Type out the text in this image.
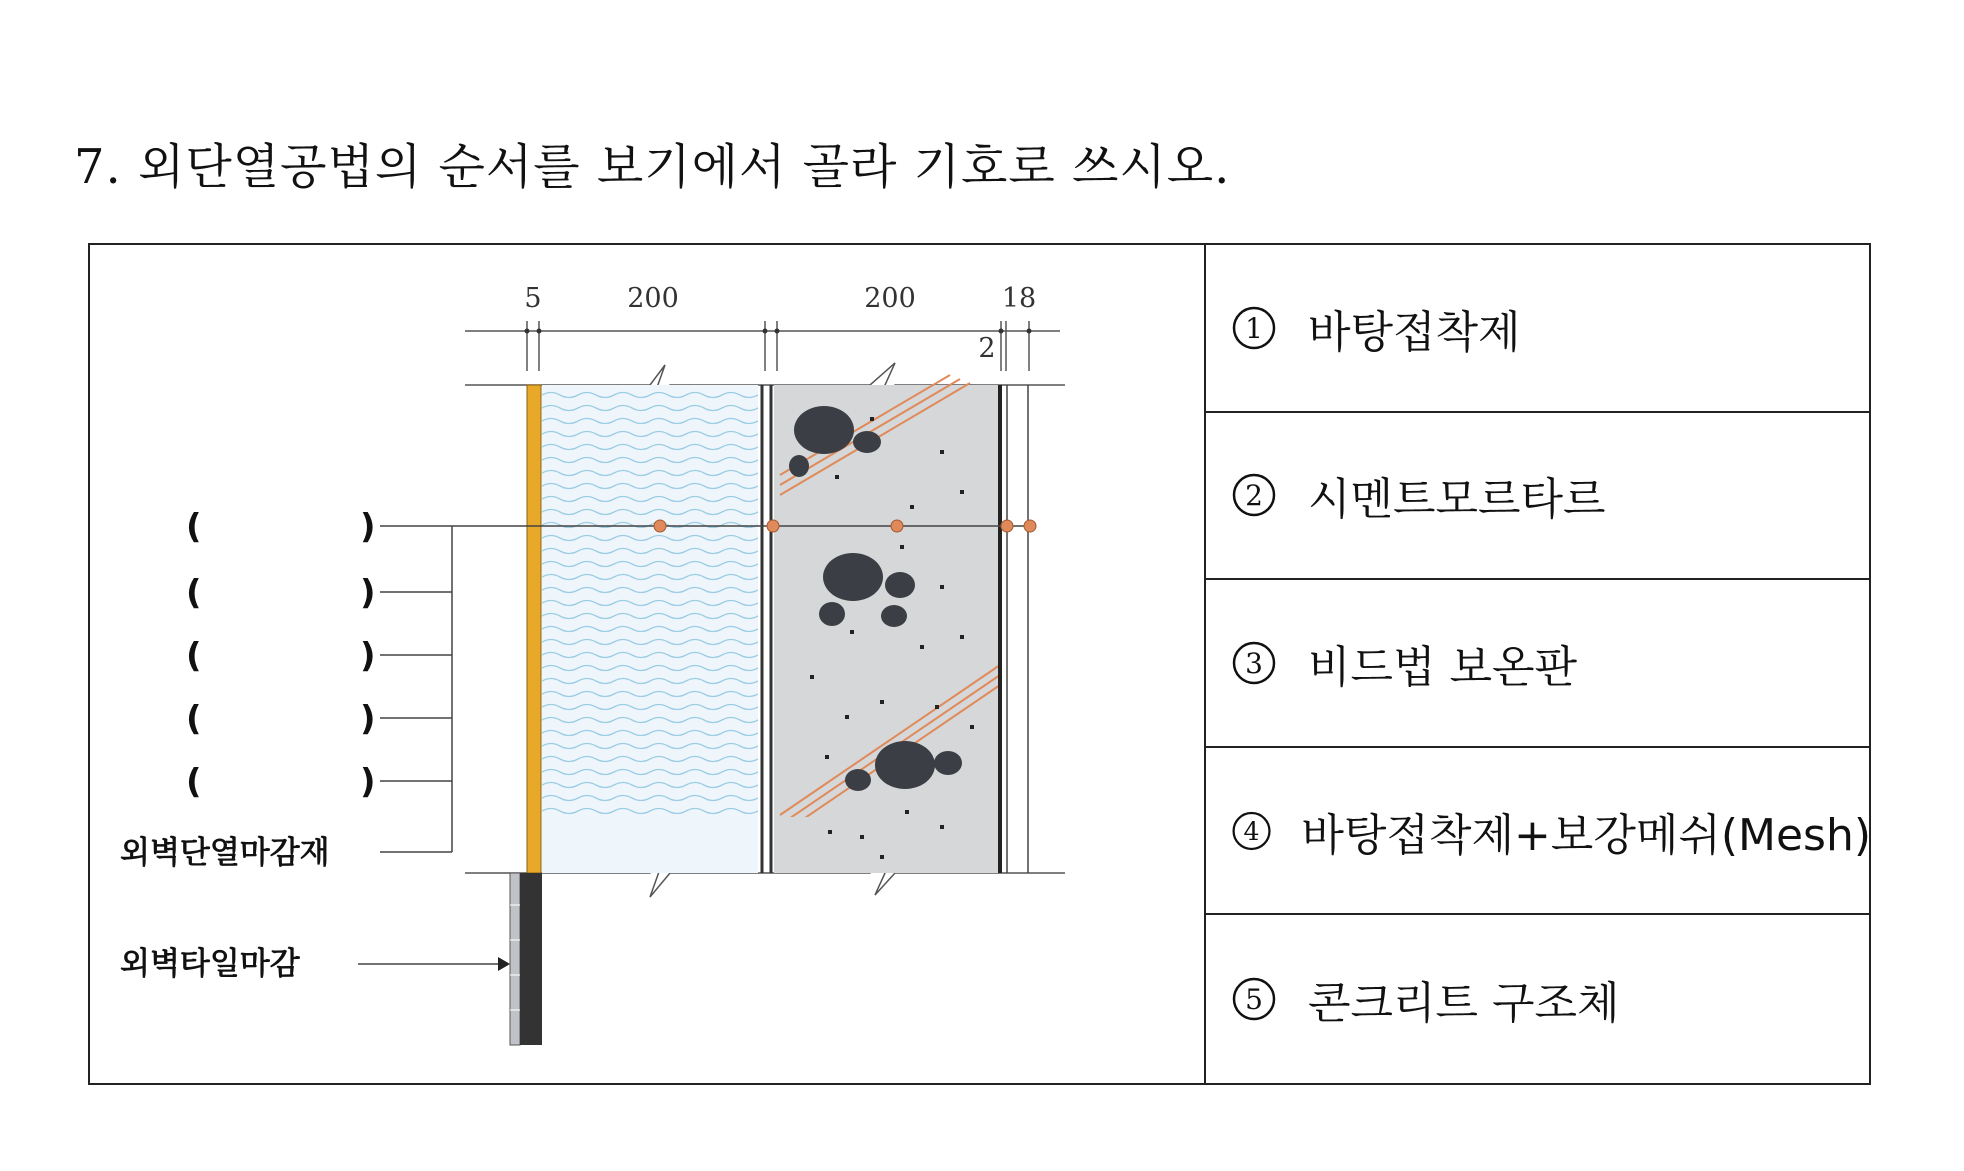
7. 외단열공법의 순서를 보기에서 골라 기호로 쓰시오.
5	200	200	18
2
(	)
(	)
(	)
(	)
(	)
외벽단열마감재
외벽타일마감
1 바탕접착제
2 시멘트모르타르
3 비드법 보온판
4 바탕접착제+보강메쉬(Mesh)
5 콘크리트 구조체
